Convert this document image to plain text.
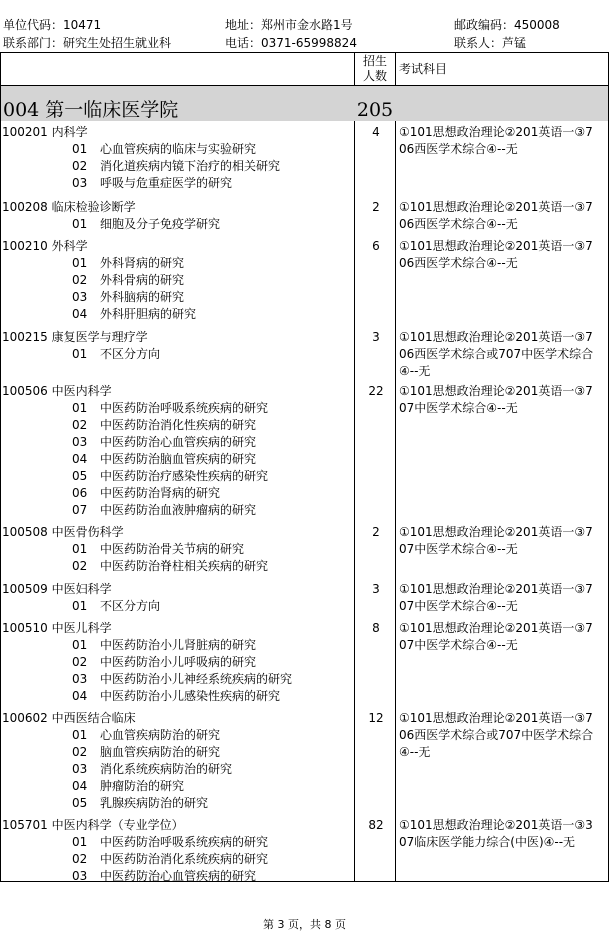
单位代码：10471	地址：郑州市金水路1号	邮政编码：450008
联系部门：研究生处招生就业科	电话：0371-65998824	联系人：芦锰
招生
人数	考试科目
004 第一临床医学院	205
100201 内科学	4	①101思想政治理论②201英语一③706西医学术综合④--无
01 心血管疾病的临床与实验研究
02 消化道疾病内镜下治疗的相关研究
03 呼吸与危重症医学的研究
100208 临床检验诊断学	2	①101思想政治理论②201英语一③706西医学术综合④--无
01 细胞及分子免疫学研究
100210 外科学	6	①101思想政治理论②201英语一③706西医学术综合④--无
01 外科肾病的研究
02 外科骨病的研究
03 外科脑病的研究
04 外科肝胆病的研究
100215 康复医学与理疗学	3	①101思想政治理论②201英语一③706西医学术综合或707中医学术综合④--无
01 不区分方向
100506 中医内科学	22	①101思想政治理论②201英语一③707中医学术综合④--无
01 中医药防治呼吸系统疾病的研究
02 中医药防治消化性疾病的研究
03 中医药防治心血管疾病的研究
04 中医药防治脑血管疾病的研究
05 中医药防治疗感染性疾病的研究
06 中医药防治肾病的研究
07 中医药防治血液肿瘤病的研究
100508 中医骨伤科学	2	①101思想政治理论②201英语一③707中医学术综合④--无
01 中医药防治骨关节病的研究
02 中医药防治脊柱相关疾病的研究
100509 中医妇科学	3	①101思想政治理论②201英语一③707中医学术综合④--无
01 不区分方向
100510 中医儿科学	8	①101思想政治理论②201英语一③707中医学术综合④--无
01 中医药防治小儿肾脏病的研究
02 中医药防治小儿呼吸病的研究
03 中医药防治小儿神经系统疾病的研究
04 中医药防治小儿感染性疾病的研究
100602 中西医结合临床	12	①101思想政治理论②201英语一③706西医学术综合或707中医学术综合④--无
01 心血管疾病防治的研究
02 脑血管疾病防治的研究
03 消化系统疾病防治的研究
04 肿瘤防治的研究
05 乳腺疾病防治的研究
105701 中医内科学（专业学位）	82	①101思想政治理论②201英语一③307临床医学能力综合(中医)④--无
01 中医药防治呼吸系统疾病的研究
02 中医药防治消化系统疾病的研究
03 中医药防治心血管疾病的研究
第 3 页，共 8 页
